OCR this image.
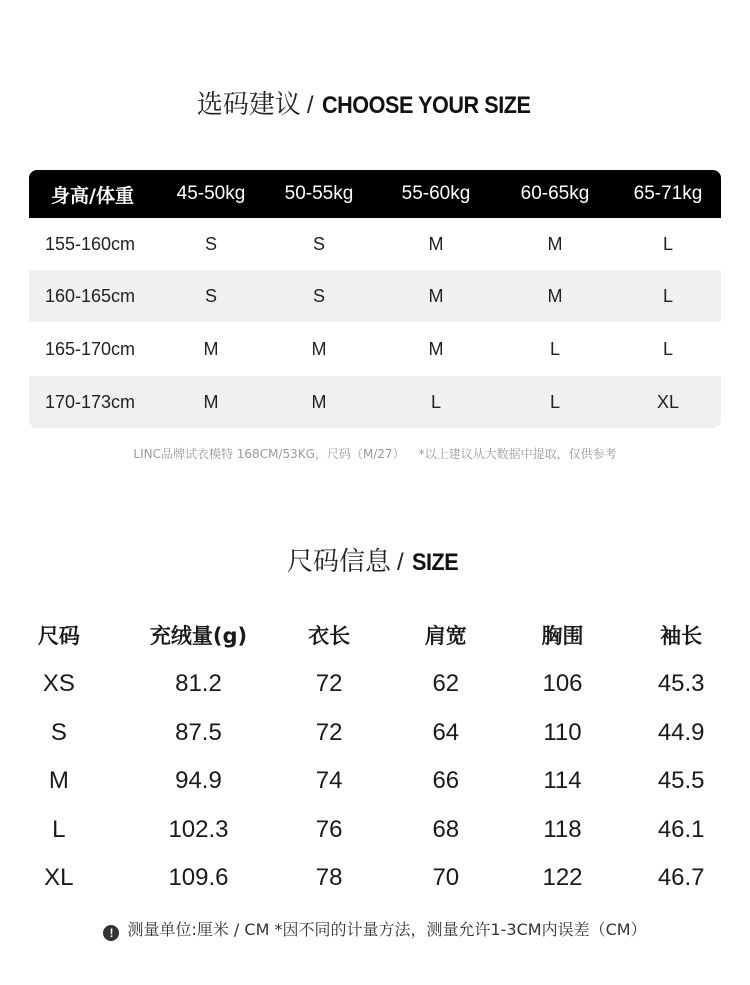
选码建议 / CHOOSE YOUR SIZE
身高/体重	45-50kg	50-55kg	55-60kg	60-65kg	65-71kg
155-160cm	S	S	M	M	L
160-165cm	S	S	M	M	L
165-170cm	M	M	M	L	L
170-173cm	M	M	L	L	XL
LINC品牌试衣模特 168CM/53KG，尺码（M/27） *以上建议从大数据中提取，仅供参考
尺码信息 / SIZE
尺码	充绒量(g)	衣长	肩宽	胸围	袖长
XS	81.2	72	62	106	45.3
S	87.5	72	64	110	44.9
M	94.9	74	66	114	45.5
L	102.3	76	68	118	46.1
XL	109.6	78	70	122	46.7
! 测量单位:厘米 / CM *因不同的计量方法，测量允许1-3CM内误差（CM）
